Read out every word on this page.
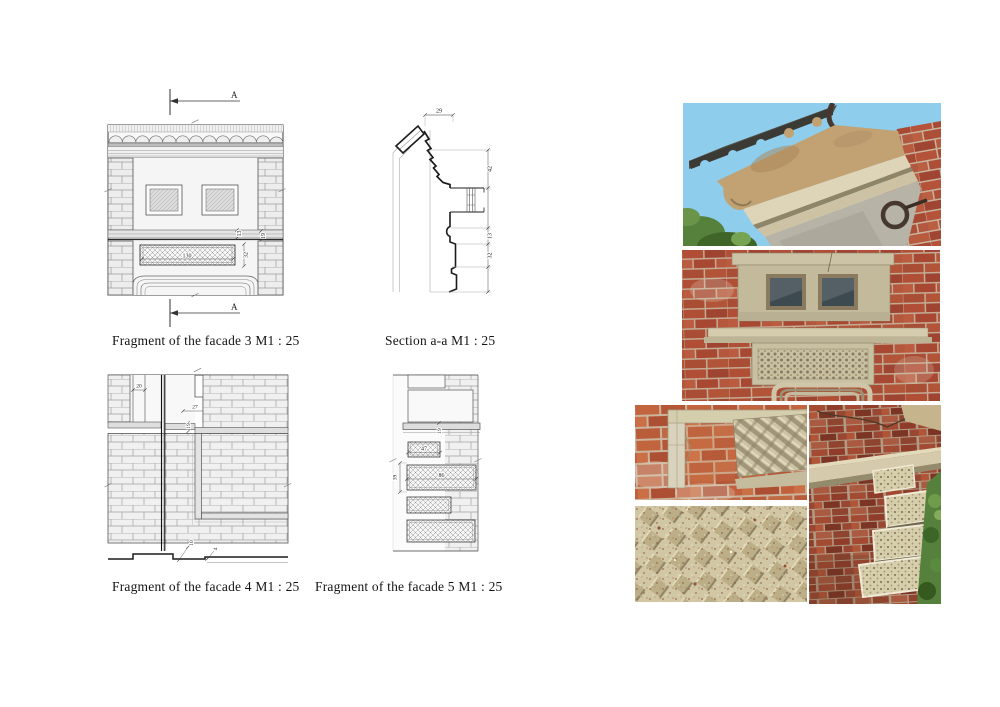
A
13	19
130	32
A
Fragment of the facade 3 M1 : 25
29
42
13
32
Section a-a M1 : 25
20
27
19
10
4
Fragment of the facade 4 M1 : 25
19
47
86
39
Fragment of the facade 5 M1 : 25
